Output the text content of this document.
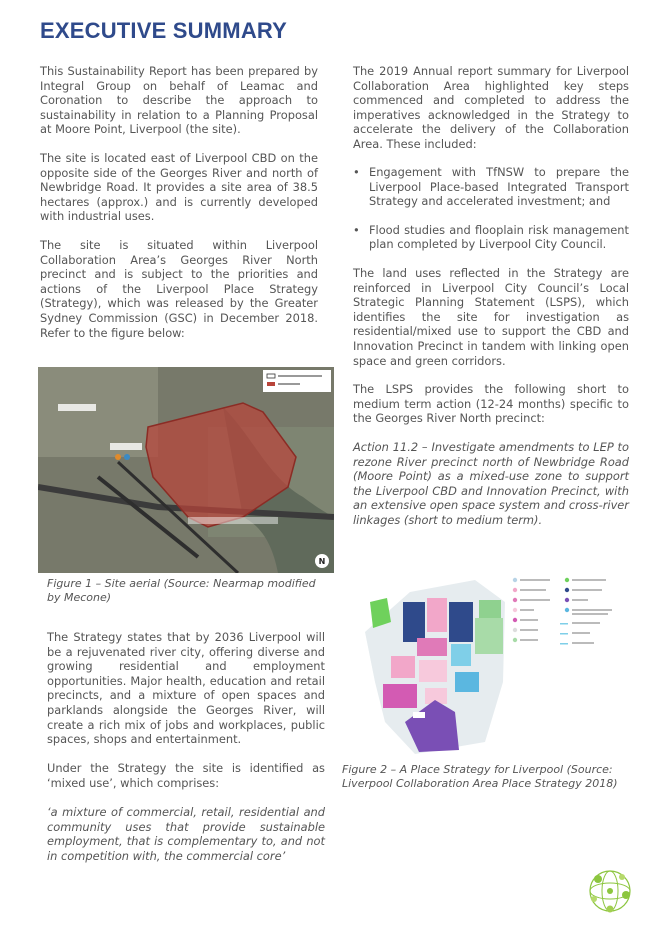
EXECUTIVE SUMMARY

This Sustainability Report has been prepared by Integral Group on behalf of Leamac and Coronation to describe the approach to sustainability in relation to a Planning Proposal at Moore Point, Liverpool (the site).

The site is located east of Liverpool CBD on the opposite side of the Georges River and north of Newbridge Road. It provides a site area of 38.5 hectares (approx.) and is currently developed with industrial uses.

The site is situated within Liverpool Collaboration Area’s Georges River North precinct and is subject to the priorities and actions of the Liverpool Place Strategy (Strategy), which was released by the Greater Sydney Commission (GSC) in December 2018. Refer to the figure below:

N

Figure 1 – Site aerial (Source: Nearmap modified by Mecone)

The Strategy states that by 2036 Liverpool will be a rejuvenated river city, offering diverse and growing residential and employment opportunities. Major health, education and retail precincts, and a mixture of open spaces and parklands alongside the Georges River, will create a rich mix of jobs and workplaces, public spaces, shops and entertainment.

Under the Strategy the site is identified as ‘mixed use’, which comprises:

‘a mixture of commercial, retail, residential and community uses that provide sustainable employment, that is complementary to, and not in competition with, the commercial core’

The 2019 Annual report summary for Liverpool Collaboration Area highlighted key steps commenced and completed to address the imperatives acknowledged in the Strategy to accelerate the delivery of the Collaboration Area. These included:

• Engagement with TfNSW to prepare the Liverpool Place-based Integrated Transport Strategy and accelerated investment; and
• Flood studies and flooplain risk management plan completed by Liverpool City Council.

The land uses reflected in the Strategy are reinforced in Liverpool City Council’s Local Strategic Planning Statement (LSPS), which identifies the site for investigation as residential/mixed use to support the CBD and Innovation Precinct in tandem with linking open space and green corridors.

The LSPS provides the following short to medium term action (12-24 months) specific to the Georges River North precinct:

Action 11.2 – Investigate amendments to LEP to rezone River precinct north of Newbridge Road (Moore Point) as a mixed-use zone to support the Liverpool CBD and Innovation Precinct, with an extensive open space system and cross-river linkages (short to medium term).

Figure 2 – A Place Strategy for Liverpool (Source: Liverpool Collaboration Area Place Strategy 2018)
